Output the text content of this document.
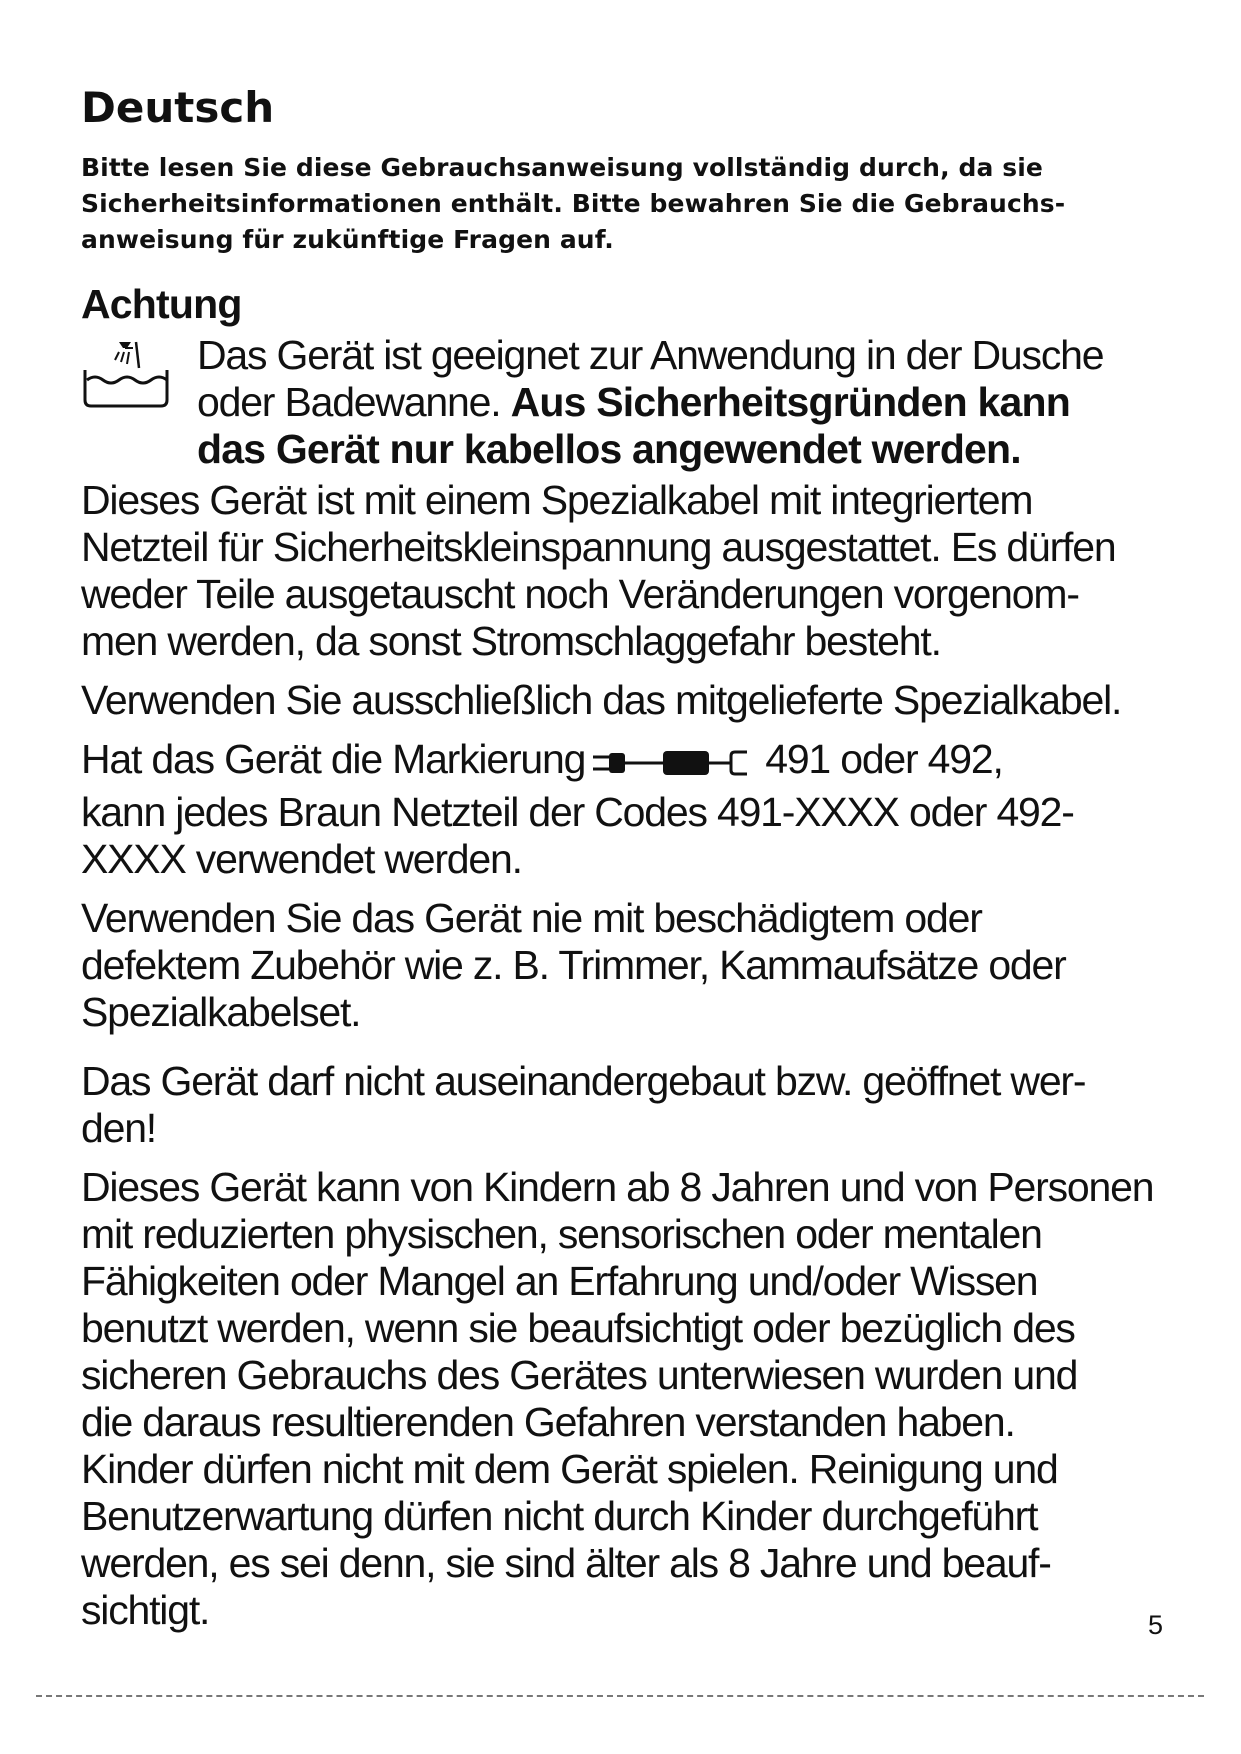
Deutsch
Bitte lesen Sie diese Gebrauchsanweisung vollständig durch, da sie
Sicherheitsinformationen enthält. Bitte bewahren Sie die Gebrauchs-
anweisung für zukünftige Fragen auf.
Achtung
Das Gerät ist geeignet zur Anwendung in der Dusche
oder Badewanne. Aus Sicherheitsgründen kann
das Gerät nur kabellos angewendet werden.
Dieses Gerät ist mit einem Spezialkabel mit integriertem
Netzteil für Sicherheitskleinspannung ausgestattet. Es dürfen
weder Teile ausgetauscht noch Veränderungen vorgenom-
men werden, da sonst Stromschlaggefahr besteht.
Verwenden Sie ausschließlich das mitgelieferte Spezialkabel.
Hat das Gerät die Markierung	491 oder 492,
kann jedes Braun Netzteil der Codes 491-XXXX oder 492-
XXXX verwendet werden.
Verwenden Sie das Gerät nie mit beschädigtem oder
defektem Zubehör wie z. B. Trimmer, Kammaufsätze oder
Spezialkabelset.
Das Gerät darf nicht auseinandergebaut bzw. geöffnet wer-
den!
Dieses Gerät kann von Kindern ab 8 Jahren und von Personen
mit reduzierten physischen, sensorischen oder mentalen
Fähigkeiten oder Mangel an Erfahrung und/oder Wissen
benutzt werden, wenn sie beaufsichtigt oder bezüglich des
sicheren Gebrauchs des Gerätes unterwiesen wurden und
die daraus resultierenden Gefahren verstanden haben.
Kinder dürfen nicht mit dem Gerät spielen. Reinigung und
Benutzerwartung dürfen nicht durch Kinder durchgeführt
werden, es sei denn, sie sind älter als 8 Jahre und beauf-
sichtigt.	5
